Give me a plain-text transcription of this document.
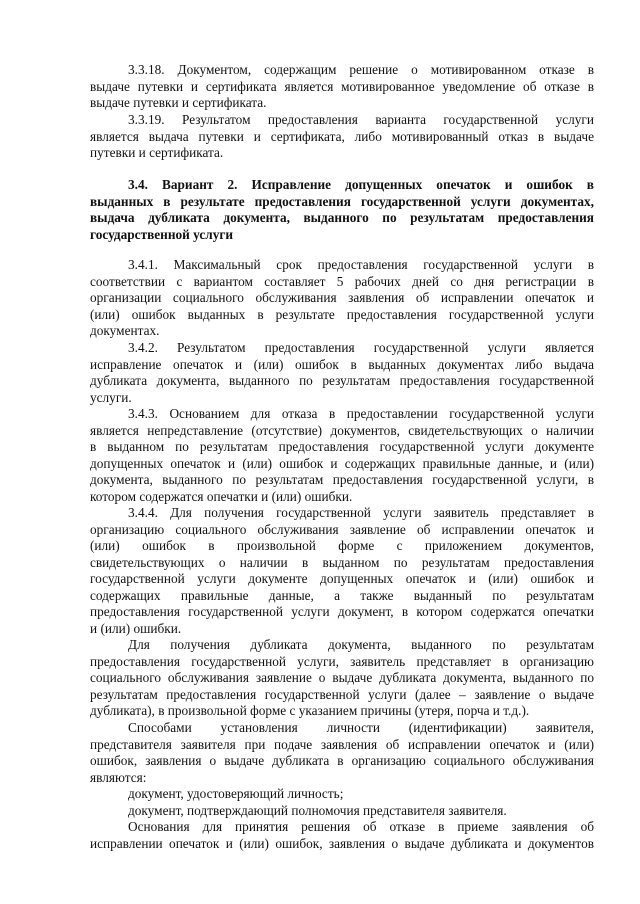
3.3.18. Документом, содержащим решение о мотивированном отказе в
выдаче путевки и сертификата является мотивированное уведомление об отказе в
выдаче путевки и сертификата.
3.3.19. Результатом предоставления варианта государственной услуги
является выдача путевки и сертификата, либо мотивированный отказ в выдаче
путевки и сертификата.
3.4. Вариант 2. Исправление допущенных опечаток и ошибок в
выданных в результате предоставления государственной услуги документах,
выдача дубликата документа, выданного по результатам предоставления
государственной услуги
3.4.1. Максимальный срок предоставления государственной услуги в
соответствии с вариантом составляет 5 рабочих дней со дня регистрации в
организации социального обслуживания заявления об исправлении опечаток и
(или) ошибок выданных в результате предоставления государственной услуги
документах.
3.4.2. Результатом предоставления государственной услуги является
исправление опечаток и (или) ошибок в выданных документах либо выдача
дубликата документа, выданного по результатам предоставления государственной
услуги.
3.4.3. Основанием для отказа в предоставлении государственной услуги
является непредставление (отсутствие) документов, свидетельствующих о наличии
в выданном по результатам предоставления государственной услуги документе
допущенных опечаток и (или) ошибок и содержащих правильные данные, и (или)
документа, выданного по результатам предоставления государственной услуги, в
котором содержатся опечатки и (или) ошибки.
3.4.4. Для получения государственной услуги заявитель представляет в
организацию социального обслуживания заявление об исправлении опечаток и
(или) ошибок в произвольной форме с приложением документов,
свидетельствующих о наличии в выданном по результатам предоставления
государственной услуги документе допущенных опечаток и (или) ошибок и
содержащих правильные данные, а также выданный по результатам
предоставления государственной услуги документ, в котором содержатся опечатки
и (или) ошибки.
Для получения дубликата документа, выданного по результатам
предоставления государственной услуги, заявитель представляет в организацию
социального обслуживания заявление о выдаче дубликата документа, выданного по
результатам предоставления государственной услуги (далее – заявление о выдаче
дубликата), в произвольной форме с указанием причины (утеря, порча и т.д.).
Способами установления личности (идентификации) заявителя,
представителя заявителя при подаче заявления об исправлении опечаток и (или)
ошибок, заявления о выдаче дубликата в организацию социального обслуживания
являются:
документ, удостоверяющий личность;
документ, подтверждающий полномочия представителя заявителя.
Основания для принятия решения об отказе в приеме заявления об
исправлении опечаток и (или) ошибок, заявления о выдаче дубликата и документов
